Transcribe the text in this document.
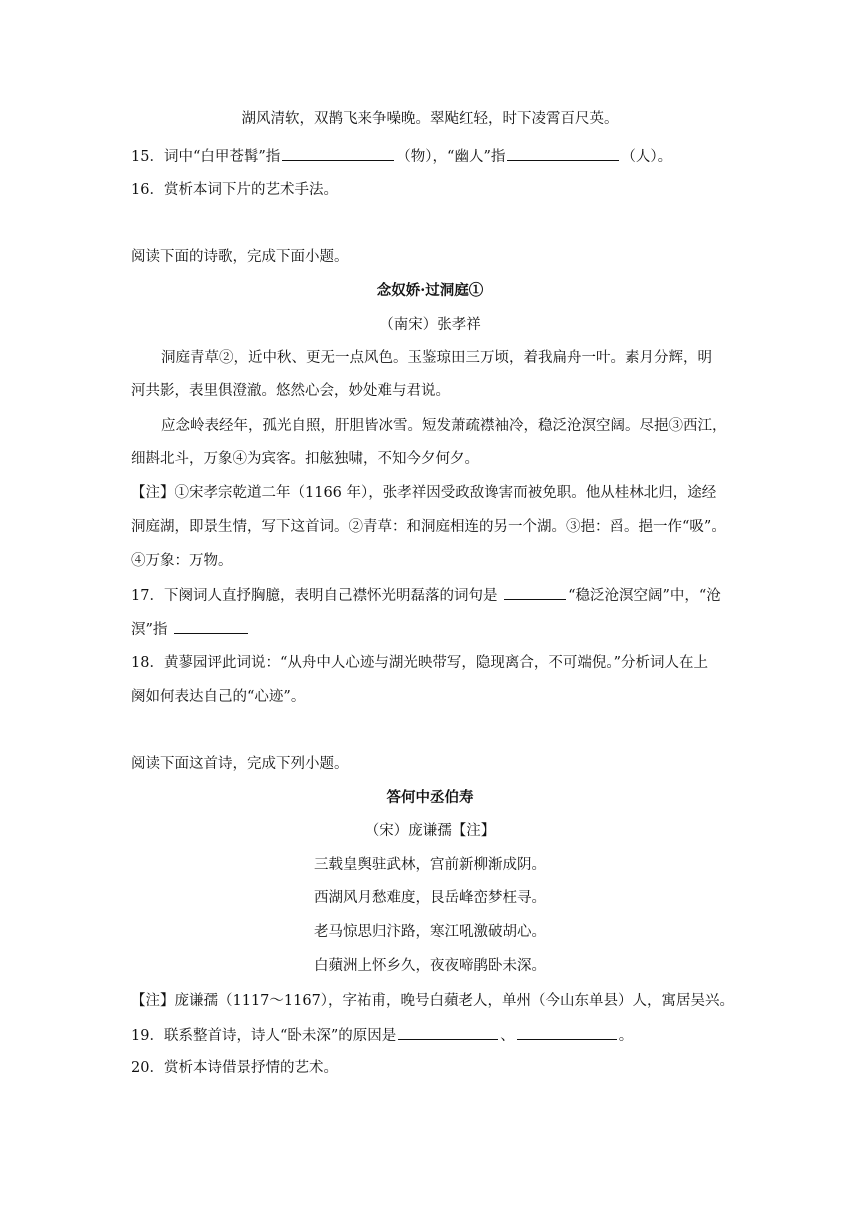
湖风清软，双鹊飞来争噪晚。翠飐红轻，时下凌霄百尺英。
15．词中“白甲苍髯”指	（物），“幽人”指	（人）。
16．赏析本词下片的艺术手法。
阅读下面的诗歌，完成下面小题。
念奴娇·过洞庭①
（南宋）张孝祥
洞庭青草②，近中秋、更无一点风色。玉鉴琼田三万顷，着我扁舟一叶。素月分辉，明
河共影，表里俱澄澈。悠然心会，妙处难与君说。
应念岭表经年，孤光自照，肝胆皆冰雪。短发萧疏襟袖冷，稳泛沧溟空阔。尽挹③西江，
细斟北斗，万象④为宾客。扣舷独啸，不知今夕何夕。
【注】①宋孝宗乾道二年（1166 年），张孝祥因受政敌谗害而被免职。他从桂林北归，途经
洞庭湖，即景生情，写下这首词。②青草：和洞庭相连的另一个湖。③挹：舀。挹一作“吸”。
④万象：万物。
17．下阕词人直抒胸臆，表明自己襟怀光明磊落的词句是	“稳泛沧溟空阔”中，“沧
溟”指
18．黄蓼园评此词说：“从舟中人心迹与湖光映带写，隐现离合，不可端倪。”分析词人在上
阕如何表达自己的“心迹”。
阅读下面这首诗，完成下列小题。
答何中丞伯寿
（宋）庞谦孺【注】
三载皇舆驻武林，宫前新柳渐成阴。
西湖风月愁难度，艮岳峰峦梦枉寻。
老马惊思归汴路，寒江吼激破胡心。
白蘋洲上怀乡久，夜夜啼鹃卧未深。
【注】庞谦孺（1117～1167），字祐甫，晚号白蘋老人，单州（今山东单县）人，寓居吴兴。
19．联系整首诗，诗人“卧未深”的原因是	、	。
20．赏析本诗借景抒情的艺术。
